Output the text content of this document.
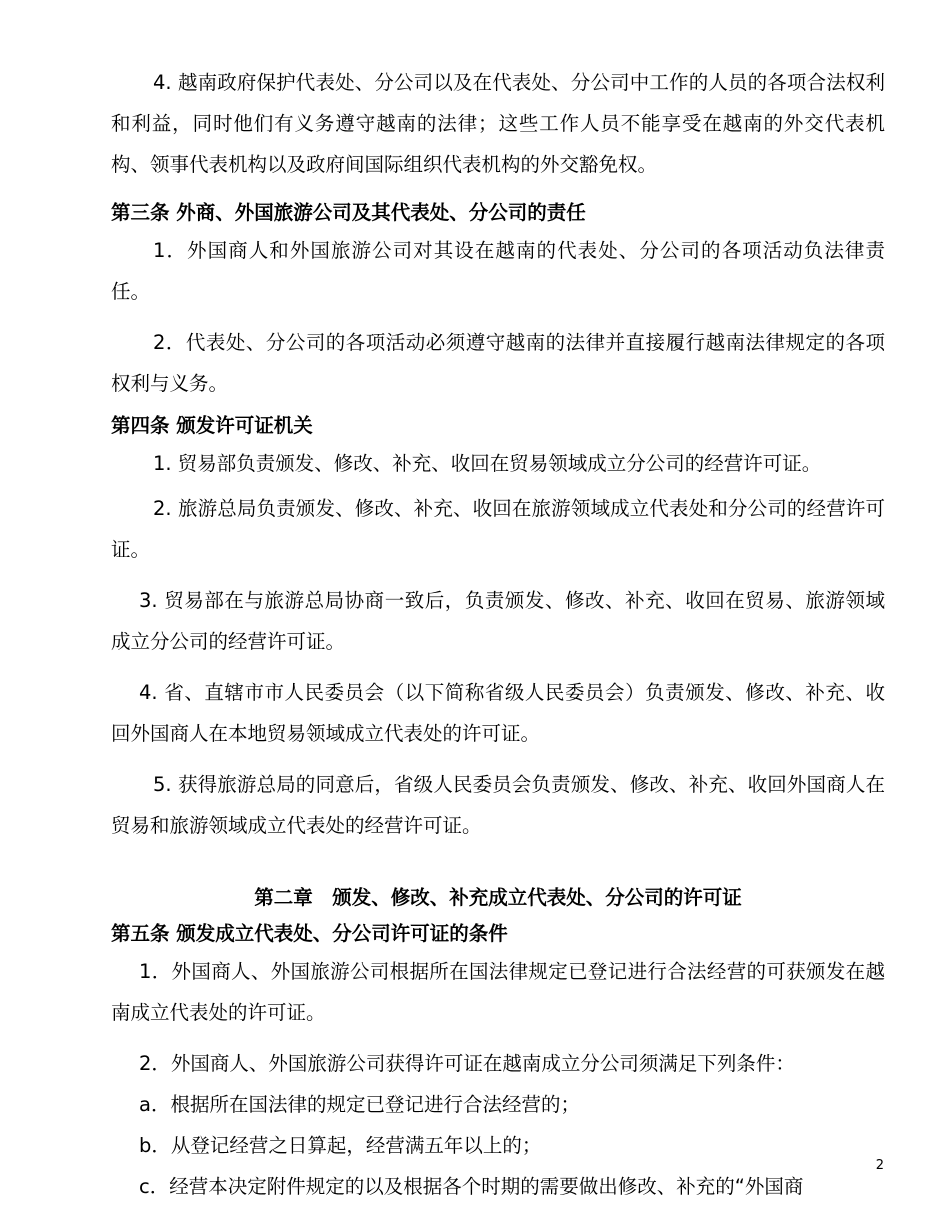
4. 越南政府保护代表处、分公司以及在代表处、分公司中工作的人员的各项合法权利和利益，同时他们有义务遵守越南的法律；这些工作人员不能享受在越南的外交代表机构、领事代表机构以及政府间国际组织代表机构的外交豁免权。

第三条 外商、外国旅游公司及其代表处、分公司的责任

1．外国商人和外国旅游公司对其设在越南的代表处、分公司的各项活动负法律责任。

2．代表处、分公司的各项活动必须遵守越南的法律并直接履行越南法律规定的各项权利与义务。

第四条 颁发许可证机关

1. 贸易部负责颁发、修改、补充、收回在贸易领域成立分公司的经营许可证。

2. 旅游总局负责颁发、修改、补充、收回在旅游领域成立代表处和分公司的经营许可证。

3. 贸易部在与旅游总局协商一致后，负责颁发、修改、补充、收回在贸易、旅游领域成立分公司的经营许可证。

4. 省、直辖市市人民委员会（以下简称省级人民委员会）负责颁发、修改、补充、收回外国商人在本地贸易领域成立代表处的许可证。

5. 获得旅游总局的同意后，省级人民委员会负责颁发、修改、补充、收回外国商人在贸易和旅游领域成立代表处的经营许可证。

第二章　颁发、修改、补充成立代表处、分公司的许可证

第五条 颁发成立代表处、分公司许可证的条件

1．外国商人、外国旅游公司根据所在国法律规定已登记进行合法经营的可获颁发在越南成立代表处的许可证。

2．外国商人、外国旅游公司获得许可证在越南成立分公司须满足下列条件：

a．根据所在国法律的规定已登记进行合法经营的；

b．从登记经营之日算起，经营满五年以上的；

c．经营本决定附件规定的以及根据各个时期的需要做出修改、补充的“外国商

2
